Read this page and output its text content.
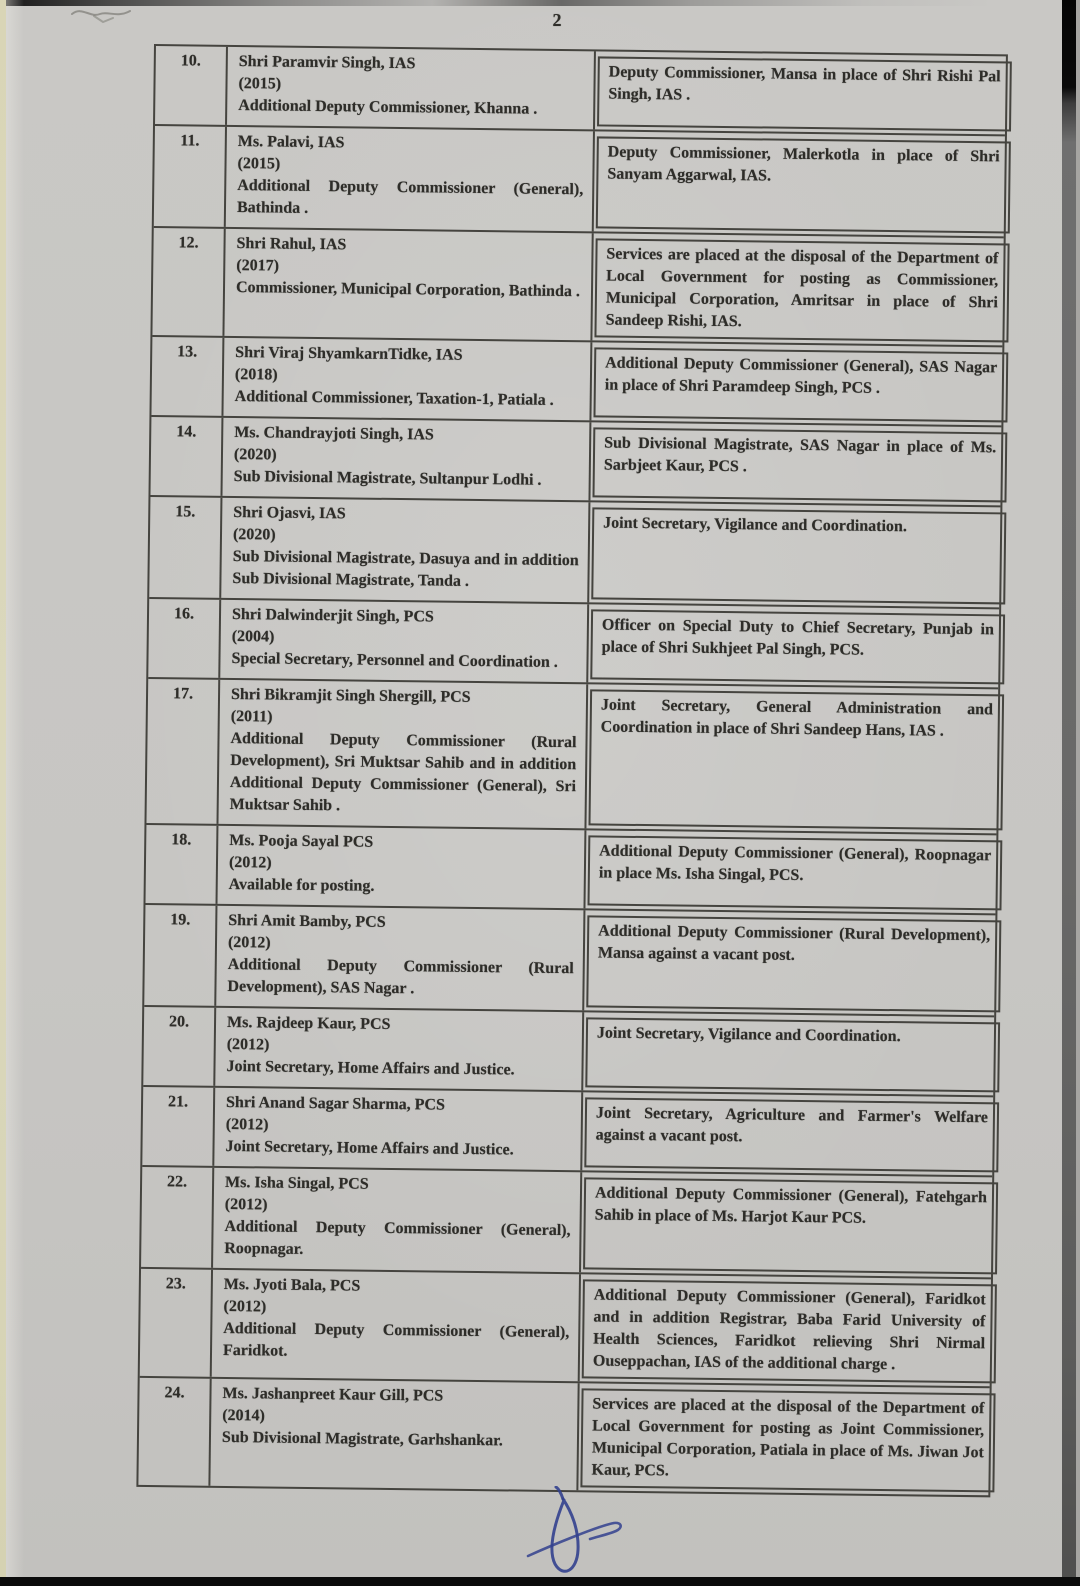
2
10.	Shri Paramvir Singh, IAS
(2015)
Additional Deputy Commissioner, Khanna .
Deputy Commissioner, Mansa in place of Shri Rishi Pal Singh, IAS .
11.	Ms. Palavi, IAS
(2015)
Additional Deputy Commissioner (General), Bathinda .
Deputy Commissioner, Malerkotla in place of Shri Sanyam Aggarwal, IAS.
12.	Shri Rahul, IAS
(2017)
Commissioner, Municipal Corporation, Bathinda .
Services are placed at the disposal of the Department of Local Government for posting as Commissioner, Municipal Corporation, Amritsar in place of Shri Sandeep Rishi, IAS.
13.	Shri Viraj ShyamkarnTidke, IAS
(2018)
Additional Commissioner, Taxation-1, Patiala .
Additional Deputy Commissioner (General), SAS Nagar in place of Shri Paramdeep Singh, PCS .
14.	Ms. Chandrayjoti Singh, IAS
(2020)
Sub Divisional Magistrate, Sultanpur Lodhi .
Sub Divisional Magistrate, SAS Nagar in place of Ms. Sarbjeet Kaur, PCS .
15.	Shri Ojasvi, IAS
(2020)
Sub Divisional Magistrate, Dasuya and in addition Sub Divisional Magistrate, Tanda .
Joint Secretary, Vigilance and Coordination.
16.	Shri Dalwinderjit Singh, PCS
(2004)
Special Secretary, Personnel and Coordination .
Officer on Special Duty to Chief Secretary, Punjab in place of Shri Sukhjeet Pal Singh, PCS.
17.	Shri Bikramjit Singh Shergill, PCS
(2011)
Additional Deputy Commissioner (Rural Development), Sri Muktsar Sahib and in addition Additional Deputy Commissioner (General), Sri Muktsar Sahib .
Joint Secretary, General Administration and Coordination in place of Shri Sandeep Hans, IAS .
18.	Ms. Pooja Sayal PCS
(2012)
Available for posting.
Additional Deputy Commissioner (General), Roopnagar in place Ms. Isha Singal, PCS.
19.	Shri Amit Bamby, PCS
(2012)
Additional Deputy Commissioner (Rural Development), SAS Nagar .
Additional Deputy Commissioner (Rural Development), Mansa against a vacant post.
20.	Ms. Rajdeep Kaur, PCS
(2012)
Joint Secretary, Home Affairs and Justice.
Joint Secretary, Vigilance and Coordination.
21.	Shri Anand Sagar Sharma, PCS
(2012)
Joint Secretary, Home Affairs and Justice.
Joint Secretary, Agriculture and Farmer's Welfare against a vacant post.
22.	Ms. Isha Singal, PCS
(2012)
Additional Deputy Commissioner (General), Roopnagar.
Additional Deputy Commissioner (General), Fatehgarh Sahib in place of Ms. Harjot Kaur PCS.
23.	Ms. Jyoti Bala, PCS
(2012)
Additional Deputy Commissioner (General), Faridkot.
Additional Deputy Commissioner (General), Faridkot and in addition Registrar, Baba Farid University of Health Sciences, Faridkot relieving Shri Nirmal Ouseppachan, IAS of the additional charge .
24.	Ms. Jashanpreet Kaur Gill, PCS
(2014)
Sub Divisional Magistrate, Garhshankar.
Services are placed at the disposal of the Department of Local Government for posting as Joint Commissioner, Municipal Corporation, Patiala in place of Ms. Jiwan Jot Kaur, PCS.
